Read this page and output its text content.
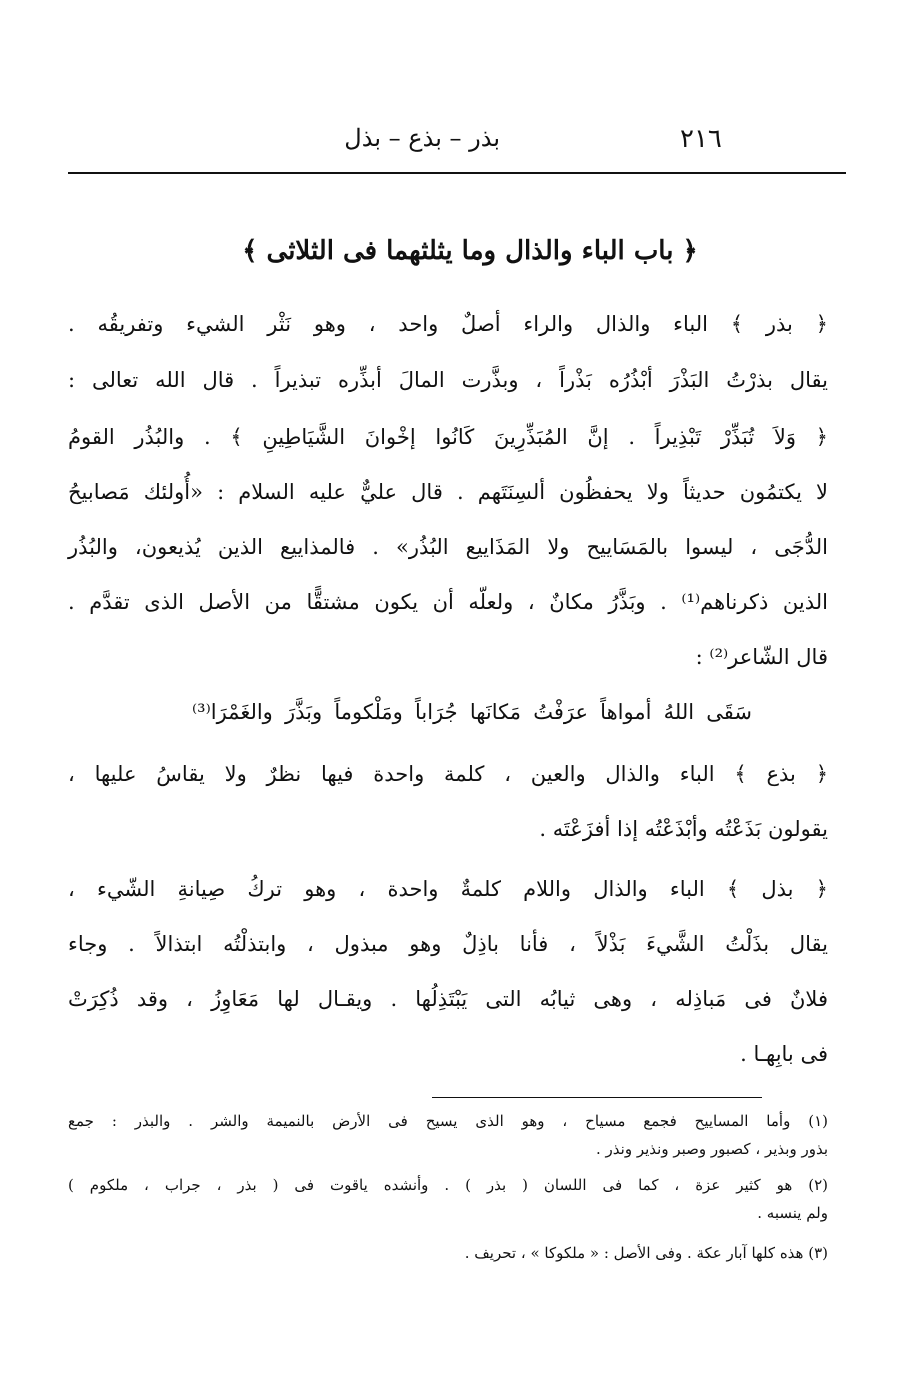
٢١٦
بذر – بذع – بذل
﴿ باب الباء والذال وما يثلثهما فى الثلاثى ﴾
﴿ بذر ﴾ الباء والذال والراء أصلٌ واحد ، وهو نَثْر الشيء وتفريقُه .
يقال بذرْتُ البَذْرَ أبْذُرُه بَذْراً ، وبذَّرت المالَ أبذِّره تبذيراً . قال الله تعالى :
﴿ وَلاَ تُبَذِّرْ تَبْذِيراً . إنَّ المُبَذِّرِينَ كَانُوا إخْوانَ الشَّيَاطِينِ ﴾ . والبُذُر القومُ
لا يكتمُون حديثاً ولا يحفظُون ألسِنَتَهم . قال عليٌّ عليه السلام : «أُولئك مَصابيحُ
الدُّجَى ، ليسوا بالمَسَاييح ولا المَذَاييع البُذُر» . فالمذاييع الذين يُذيعون، والبُذُر
الذين ذكرناهم⁽¹⁾ . وبَذَّرُ مكانٌ ، ولعلّه أن يكون مشتقًّا من الأصل الذى تقدَّم .
قال الشّاعر⁽²⁾ :
سَقَى اللهُ أمواهاً عرَفْتُ مَكانَها جُرَاباً ومَلْكوماً وبَذَّرَ والغَمْرَا⁽³⁾
﴿ بذع ﴾ الباء والذال والعين ، كلمة واحدة فيها نظرٌ ولا يقاسُ عليها ،
يقولون بَذَعْتُه وأبْذَعْتُه إذا أفزَعْتَه .
﴿ بذل ﴾ الباء والذال واللام كلمةٌ واحدة ، وهو تركُ صِيانةِ الشّيء ،
يقال بذَلْتُ الشَّيءَ بَذْلاً ، فأنا باذِلٌ وهو مبذول ، وابتذلْتُه ابتذالاً . وجاء
فلانٌ فى مَباذِله ، وهى ثيابُه التى يَبْتَذِلُها . ويقـال لها مَعَاوِزُ ، وقد ذُكِرَتْ
فى بابِهـا .
(١) وأما المساييح فجمع مسياح ، وهو الذى يسيح فى الأرض بالنميمة والشر . والبذر : جمع
بذور وبذير ، كصبور وصبر ونذير ونذر .
(٢) هو كثير عزة ، كما فى اللسان ( بذر ) . وأنشده ياقوت فى ( بذر ، جراب ، ملكوم )
ولم ينسبه .
(٣) هذه كلها آبار عكة . وفى الأصل : « ملكوكا » ، تحريف .
